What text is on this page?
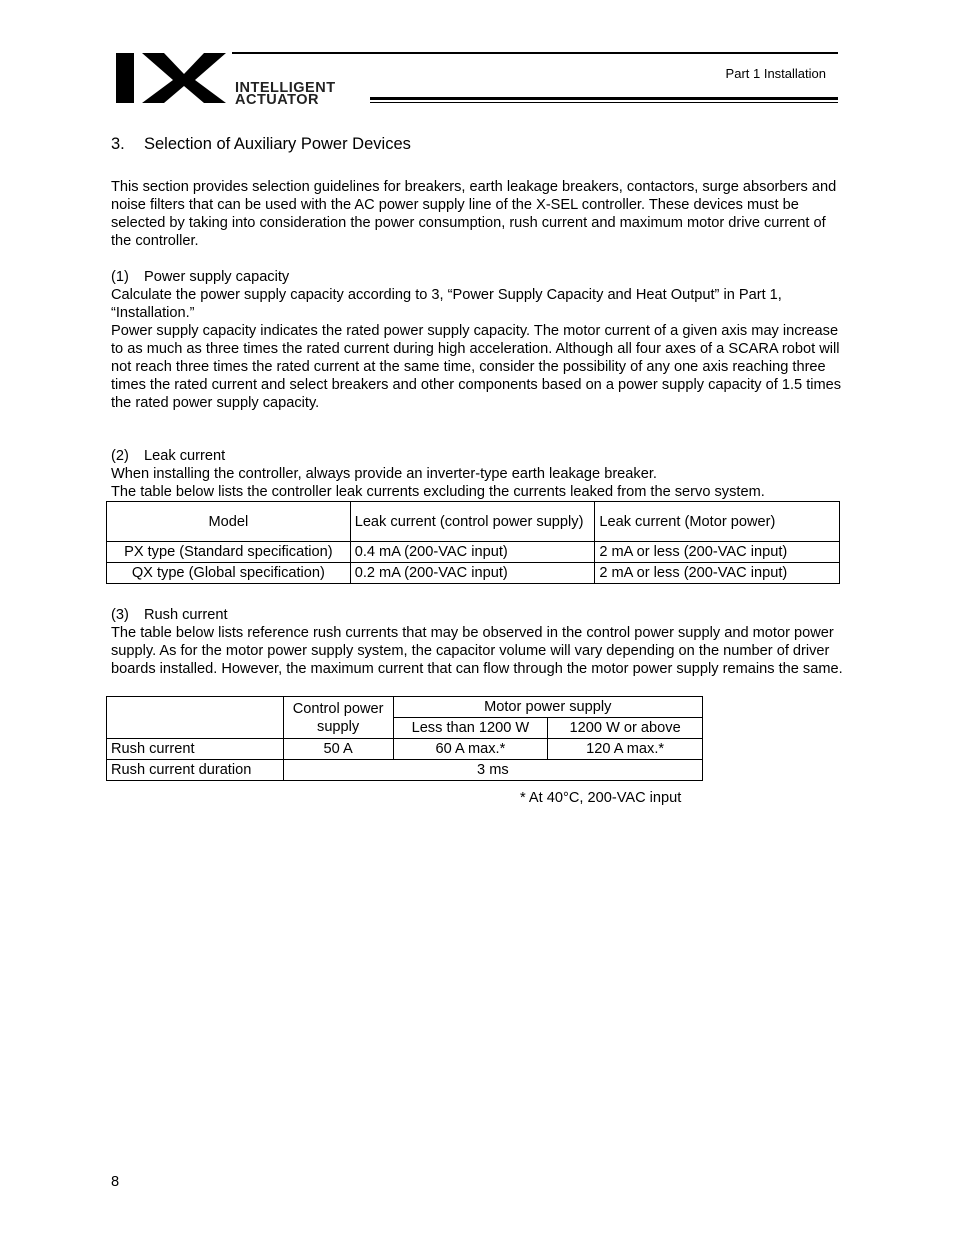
INTELLIGENT
ACTUATOR
Part 1 Installation
3. Selection of Auxiliary Power Devices

This section provides selection guidelines for breakers, earth leakage breakers, contactors, surge absorbers and noise filters that can be used with the AC power supply line of the X-SEL controller. These devices must be selected by taking into consideration the power consumption, rush current and maximum motor drive current of the controller.

(1) Power supply capacity

Calculate the power supply capacity according to 3, “Power Supply Capacity and Heat Output” in Part 1, “Installation.”

Power supply capacity indicates the rated power supply capacity. The motor current of a given axis may increase to as much as three times the rated current during high acceleration. Although all four axes of a SCARA robot will not reach three times the rated current at the same time, consider the possibility of any one axis reaching three times the rated current and select breakers and other components based on a power supply capacity of 1.5 times the rated power supply capacity.

(2) Leak current

When installing the controller, always provide an inverter-type earth leakage breaker.

The table below lists the controller leak currents excluding the currents leaked from the servo system.

Model	Leak current (control power supply)	Leak current (Motor power)
PX type (Standard specification)	0.4 mA (200-VAC input)	2 mA or less (200-VAC input)
QX type (Global specification)	0.2 mA (200-VAC input)	2 mA or less (200-VAC input)

(3) Rush current

The table below lists reference rush currents that may be observed in the control power supply and motor power supply. As for the motor power supply system, the capacitor volume will vary depending on the number of driver boards installed. However, the maximum current that can flow through the motor power supply remains the same.

	Control power supply	Motor power supply	
		Less than 1200 W	1200 W or above
Rush current	50 A	60 A max.*	120 A max.*
Rush current duration	3 ms		
* At 40°C, 200-VAC input
8
